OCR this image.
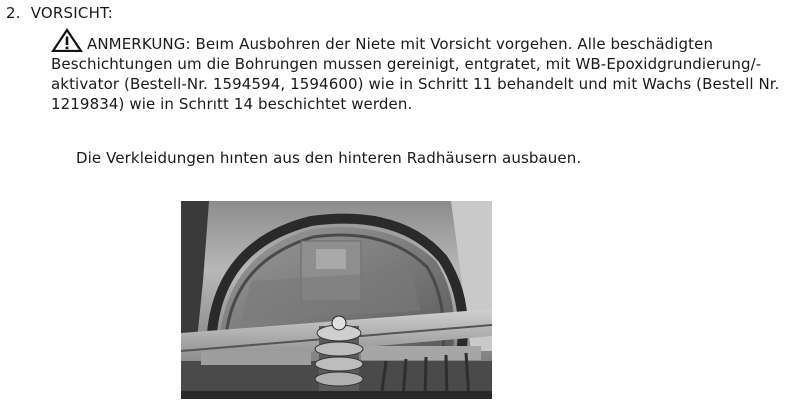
2. VORSICHT:
ANMERKUNG: Beım Ausbohren der Niete mit Vorsicht vorgehen. Alle beschädigten Beschichtungen um die Bohrungen mussen gereinigt, entgratet, mit WB-Epoxidgrundierung/-aktivator (Bestell-Nr. 1594594, 1594600) wie in Schritt 11 behandelt und mit Wachs (Bestell Nr. 1219834) wie in Schrıtt 14 beschichtet werden.
Die Verkleidungen hınten aus den hinteren Radhäusern ausbauen.
